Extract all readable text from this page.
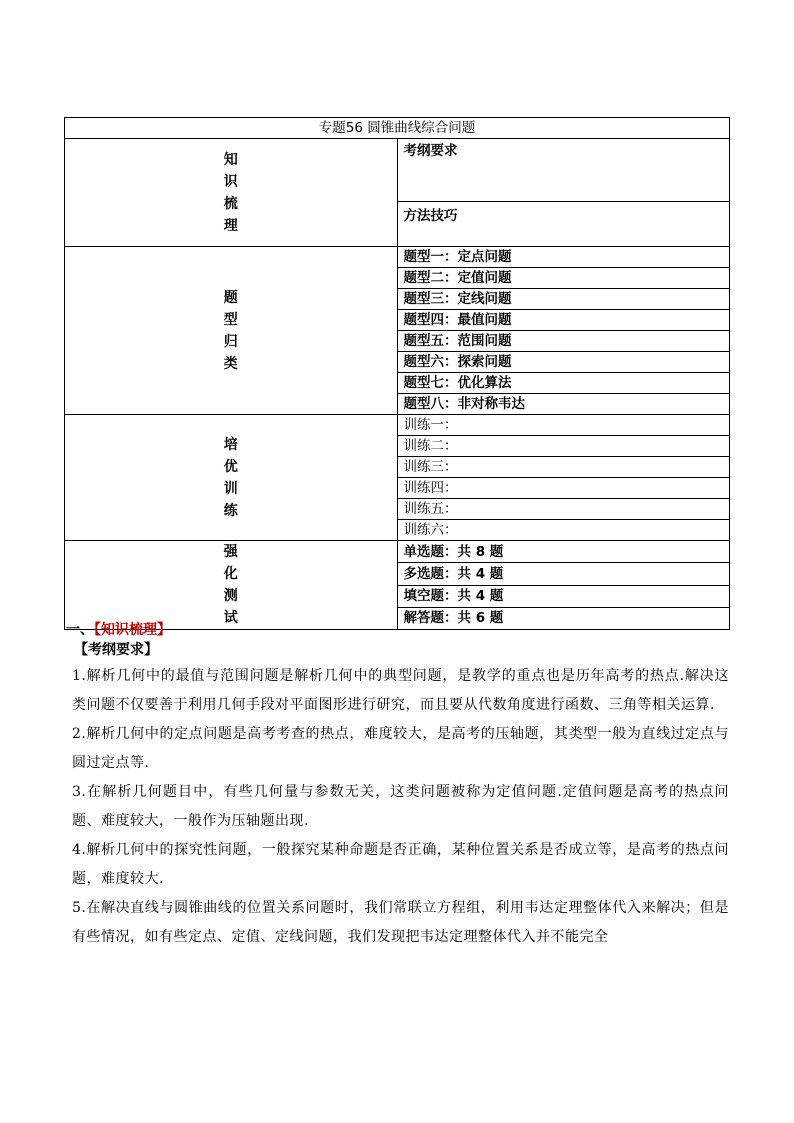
专题56 圆锥曲线综合问题	

知
识
梳
理	考纲要求
	方法技巧

题
型
归
类	题型一：定点问题
	题型二：定值问题
	题型三：定线问题
	题型四：最值问题
	题型五：范围问题
	题型六：探索问题
	题型七：优化算法
	题型八：非对称韦达

培
优
训
练	训练一：
	训练二：
	训练三：
	训练四：
	训练五：
	训练六：

强
化
测
试	单选题：共 8 题
	多选题：共 4 题
	填空题：共 4 题
	解答题：共 6 题
一、【知识梳理】
【考纲要求】

1.解析几何中的最值与范围问题是解析几何中的典型问题，是教学的重点也是历年高考的热点.解决这类问题不仅要善于利用几何手段对平面图形进行研究，而且要从代数角度进行函数、三角等相关运算.

2.解析几何中的定点问题是高考考查的热点，难度较大，是高考的压轴题，其类型一般为直线过定点与圆过定点等.

3.在解析几何题目中，有些几何量与参数无关，这类问题被称为定值问题.定值问题是高考的热点问题、难度较大，一般作为压轴题出现.

4.解析几何中的探究性问题，一般探究某种命题是否正确，某种位置关系是否成立等，是高考的热点问题，难度较大.

5.在解决直线与圆锥曲线的位置关系问题时，我们常联立方程组，利用韦达定理整体代入来解决；但是有些情况，如有些定点、定值、定线问题，我们发现把韦达定理整体代入并不能完全
